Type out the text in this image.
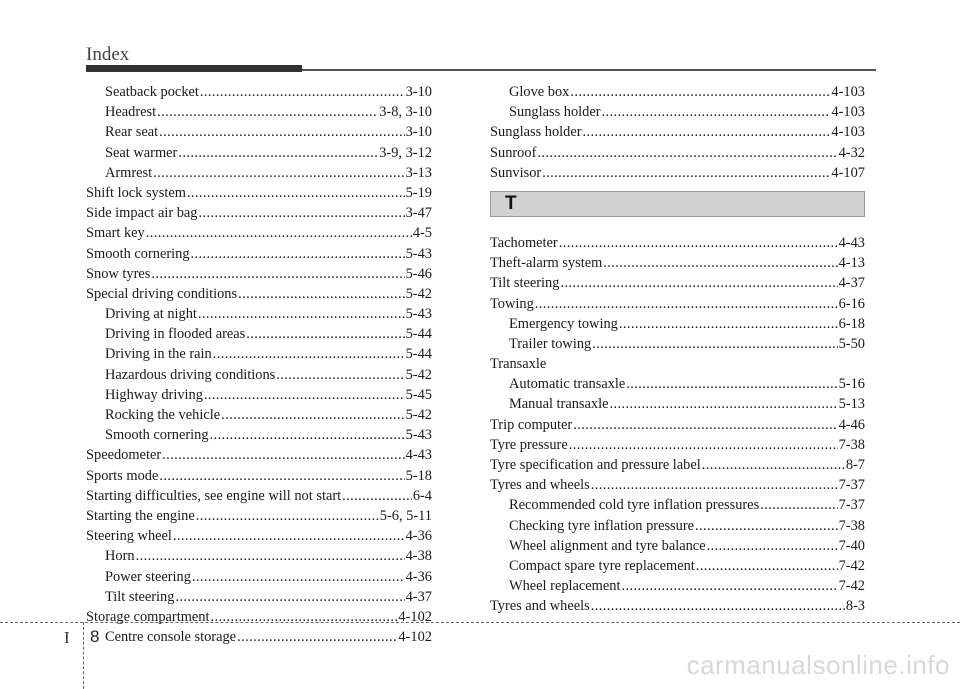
Index
Seatback pocket .....	3-10
Headrest .....	3-8, 3-10
Rear seat .....	3-10
Seat warmer .....	3-9, 3-12
Armrest .....	3-13
Shift lock system .....	5-19
Side impact air bag .....	3-47
Smart key .....	4-5
Smooth cornering .....	5-43
Snow tyres .....	5-46
Special driving conditions .....	5-42
Driving at night .....	5-43
Driving in flooded areas .....	5-44
Driving in the rain .....	5-44
Hazardous driving conditions .....	5-42
Highway driving .....	5-45
Rocking the vehicle .....	5-42
Smooth cornering .....	5-43
Speedometer .....	4-43
Sports mode .....	5-18
Starting difficulties, see engine will not start .....	6-4
Starting the engine .....	5-6, 5-11
Steering wheel .....	4-36
Horn .....	4-38
Power steering .....	4-36
Tilt steering .....	4-37
Storage compartment .....	4-102
Centre console storage .....	4-102
Glove box .....	4-103
Sunglass holder .....	4-103
Sunglass holder .....	4-103
Sunroof .....	4-32
Sunvisor .....	4-107
T
Tachometer .....	4-43
Theft-alarm system .....	4-13
Tilt steering .....	4-37
Towing .....	6-16
Emergency towing .....	6-18
Trailer towing .....	5-50
Transaxle
Automatic transaxle .....	5-16
Manual transaxle .....	5-13
Trip computer .....	4-46
Tyre pressure .....	7-38
Tyre specification and pressure label .....	8-7
Tyres and wheels .....	7-37
Recommended cold tyre inflation pressures .....	7-37
Checking tyre inflation pressure .....	7-38
Wheel alignment and tyre balance .....	7-40
Compact spare tyre replacement .....	7-42
Wheel replacement .....	7-42
Tyres and wheels .....	8-3
I 8
carmanualsonline.info
